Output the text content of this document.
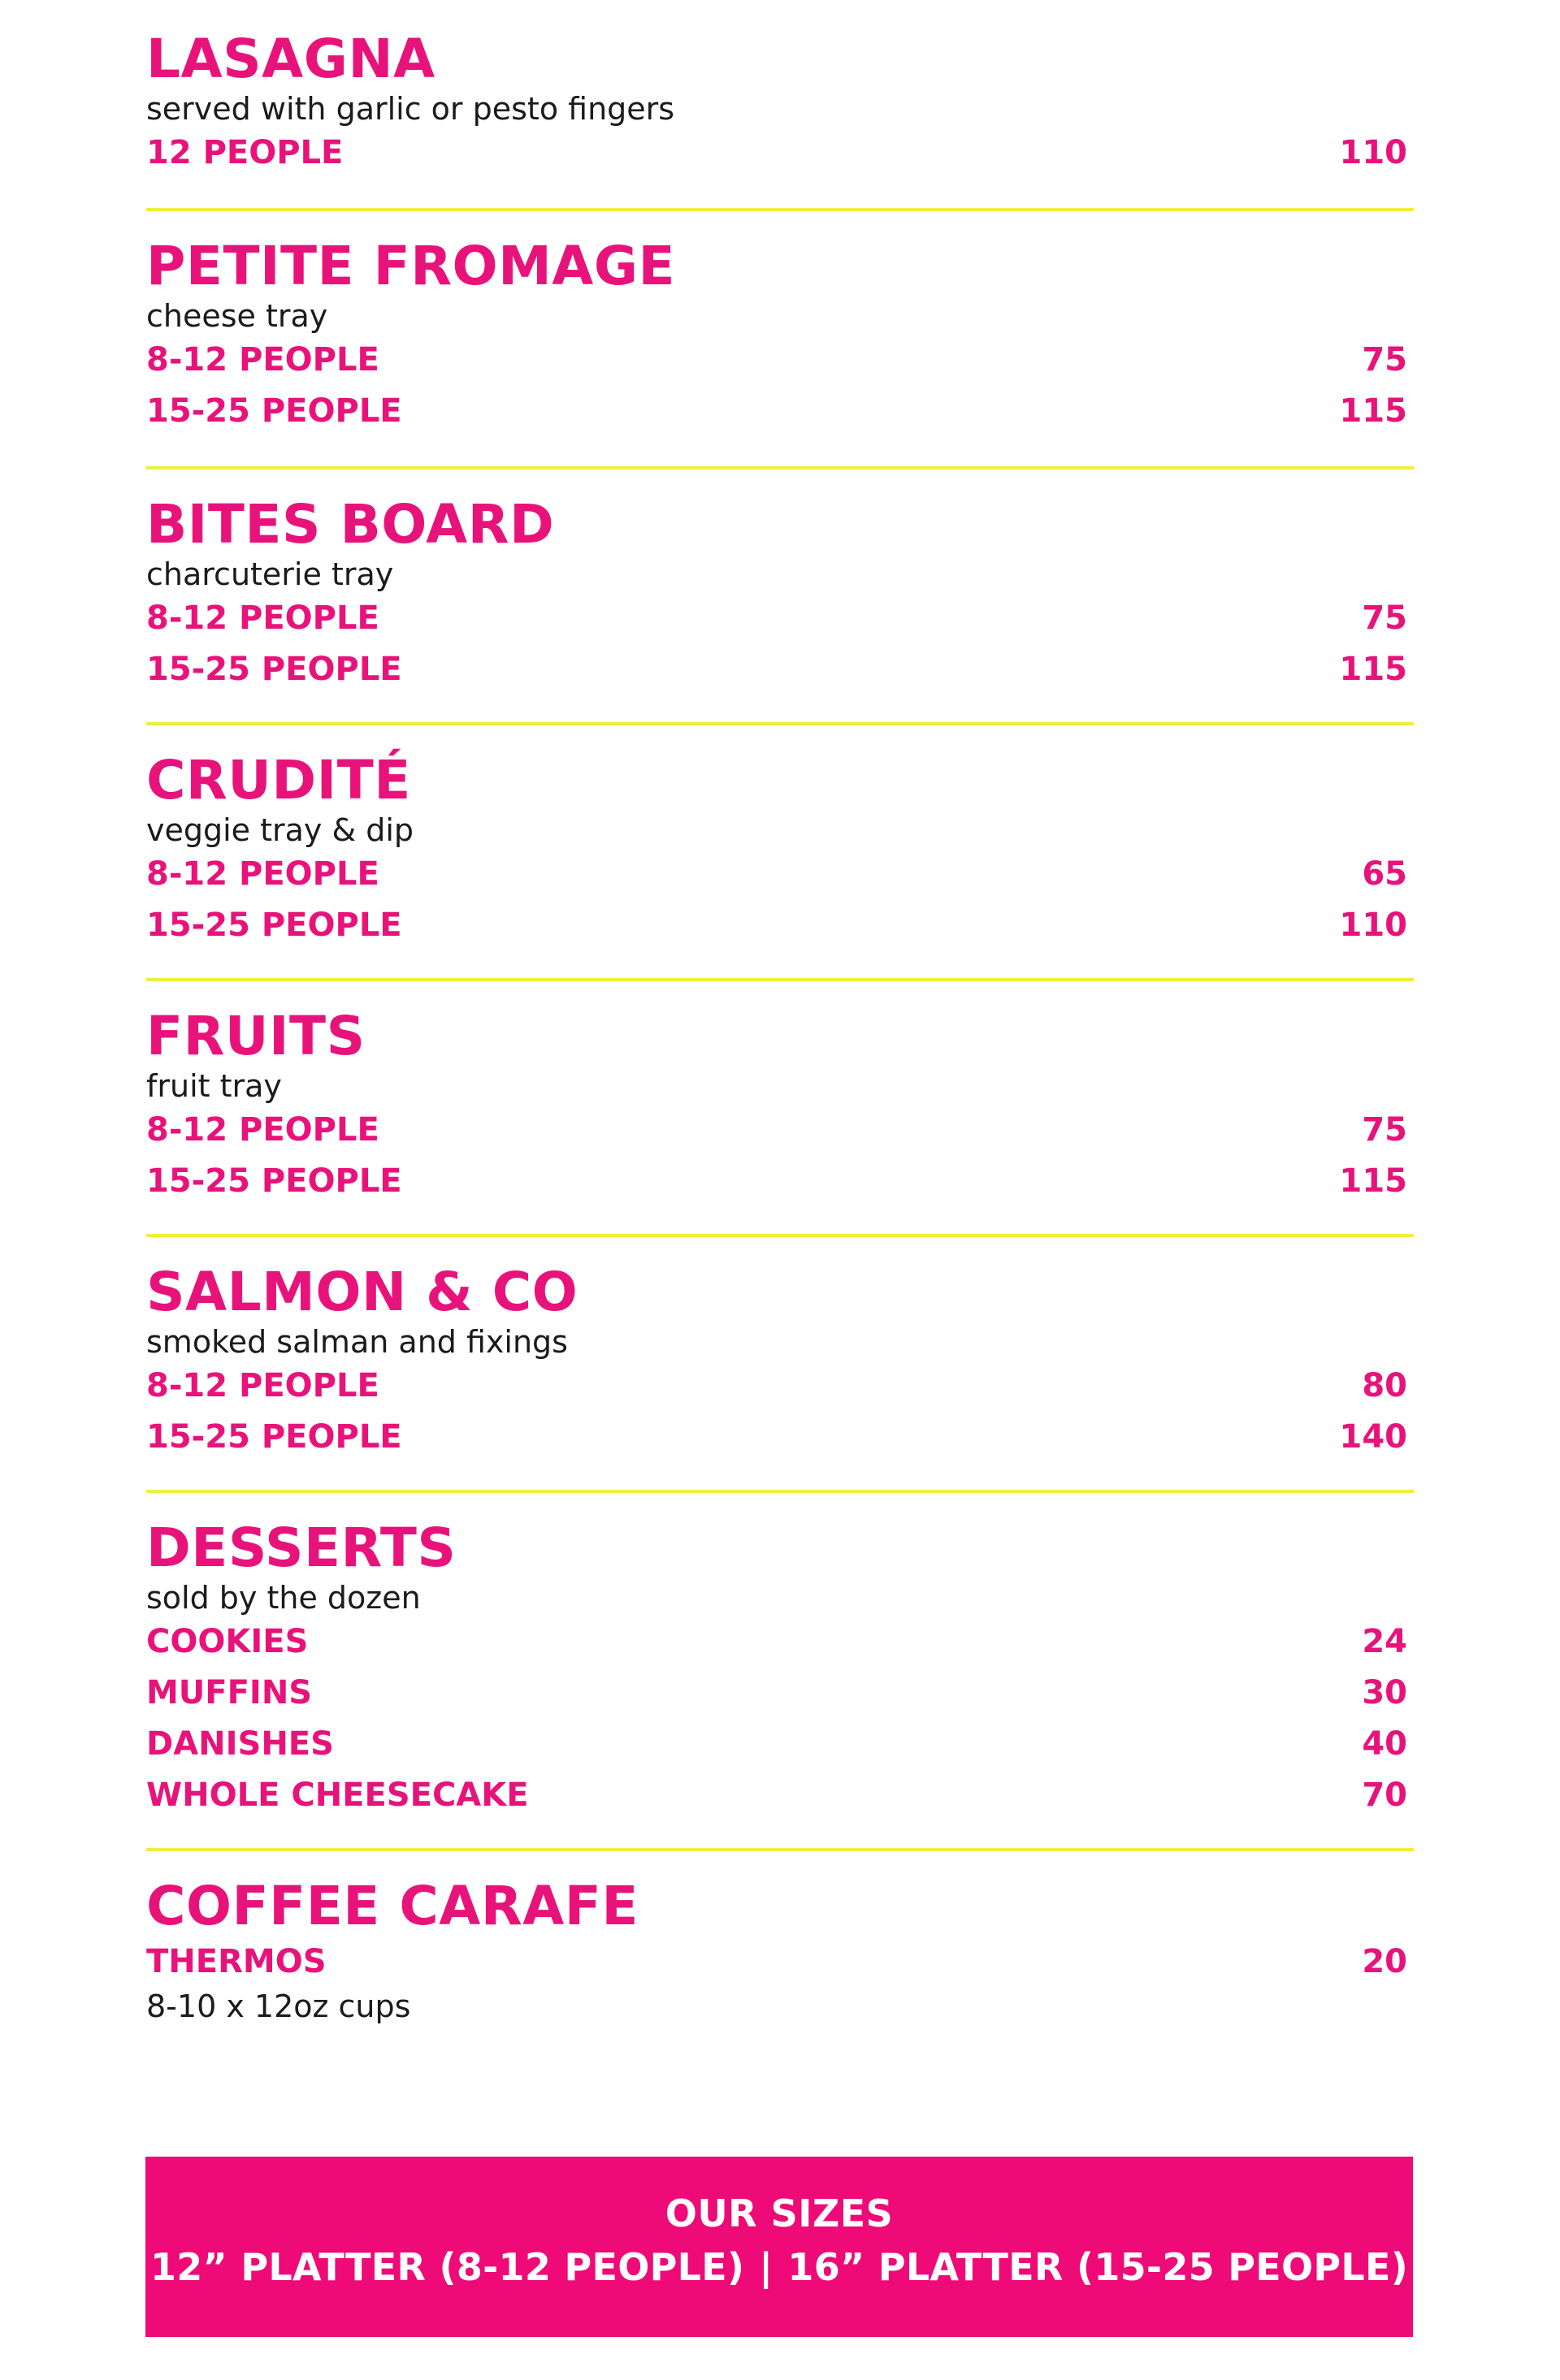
LASAGNA
served with garlic or pesto fingers
12 PEOPLE	110
PETITE FROMAGE
cheese tray
8-12 PEOPLE	75
15-25 PEOPLE	115
BITES BOARD
charcuterie tray
8-12 PEOPLE	75
15-25 PEOPLE	115
CRUDITÉ
veggie tray & dip
8-12 PEOPLE	65
15-25 PEOPLE	110
FRUITS
fruit tray
8-12 PEOPLE	75
15-25 PEOPLE	115
SALMON & CO
smoked salman and fixings
8-12 PEOPLE	80
15-25 PEOPLE	140
DESSERTS
sold by the dozen
COOKIES	24
MUFFINS	30
DANISHES	40
WHOLE CHEESECAKE	70
COFFEE CARAFE
THERMOS	20
8-10 x 12oz cups
OUR SIZES
12” PLATTER (8-12 PEOPLE) | 16” PLATTER (15-25 PEOPLE)
